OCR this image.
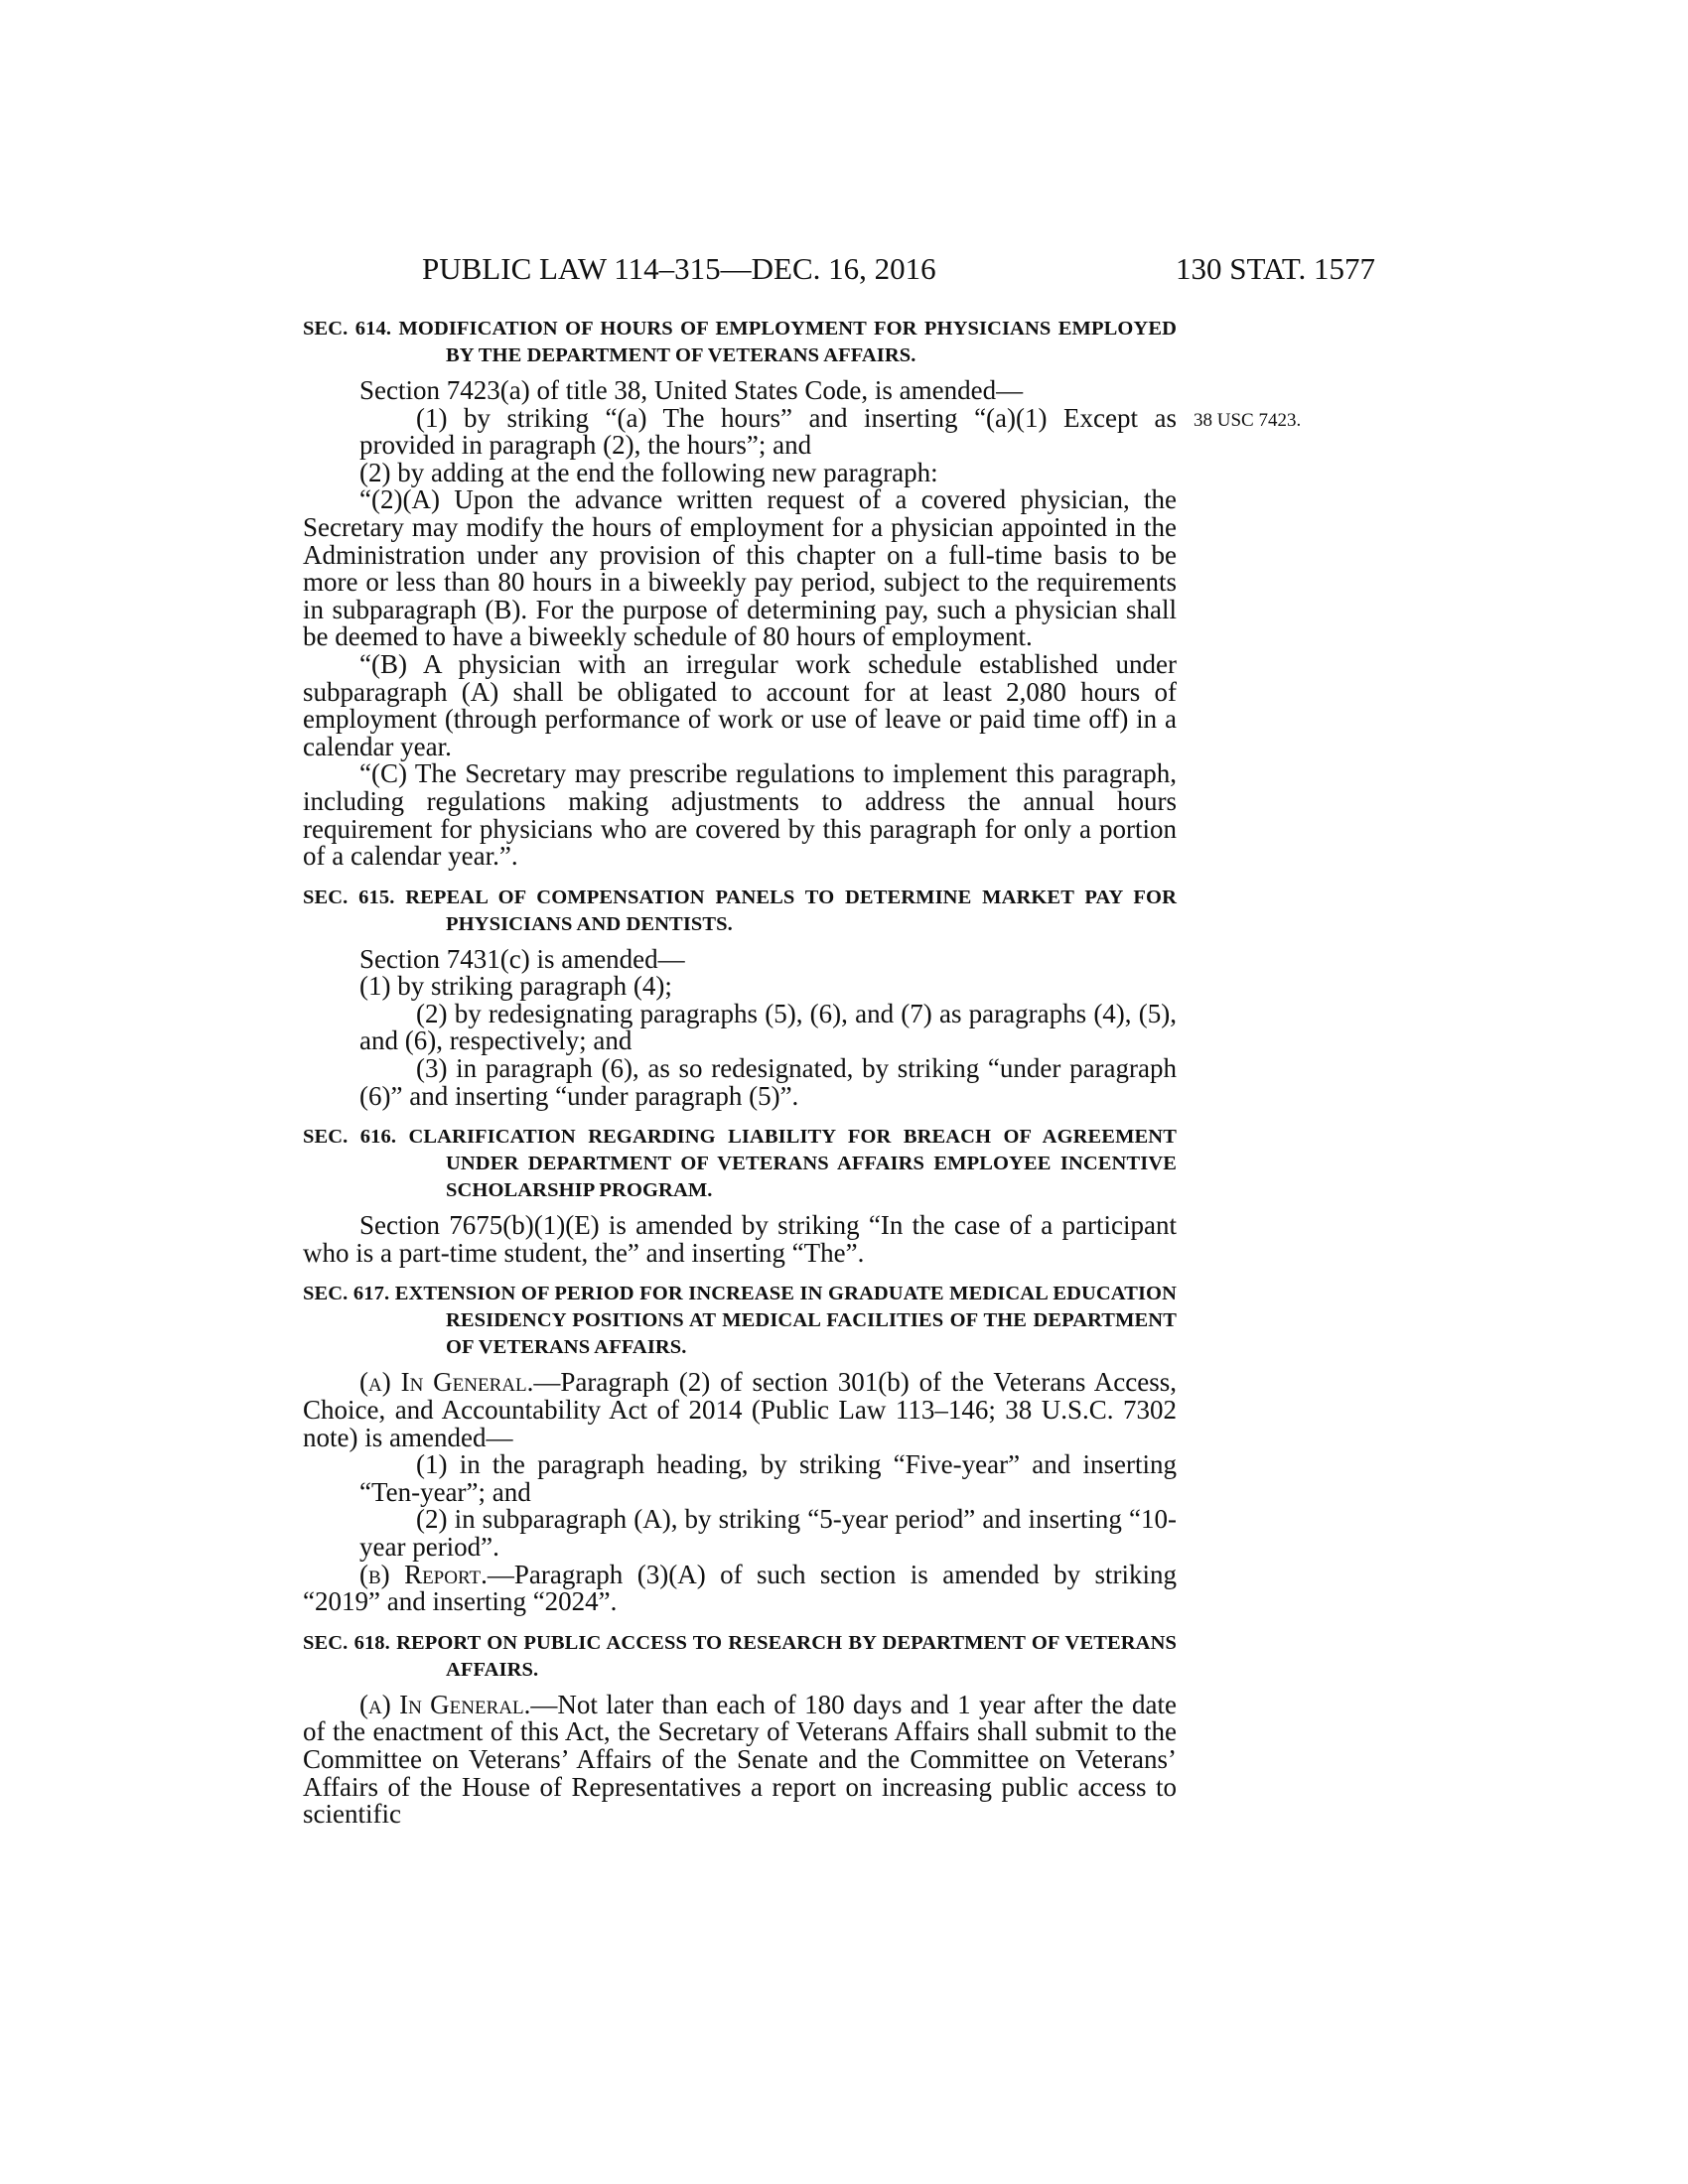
PUBLIC LAW 114–315—DEC. 16, 2016	130 STAT. 1577
38 USC 7423.

SEC. 614. MODIFICATION OF HOURS OF EMPLOYMENT FOR PHYSICIANS EMPLOYED BY THE DEPARTMENT OF VETERANS AFFAIRS.

Section 7423(a) of title 38, United States Code, is amended—

(1) by striking “(a) The hours” and inserting “(a)(1) Except as provided in paragraph (2), the hours”; and

(2) by adding at the end the following new paragraph:

“(2)(A) Upon the advance written request of a covered physician, the Secretary may modify the hours of employment for a physician appointed in the Administration under any provision of this chapter on a full-time basis to be more or less than 80 hours in a biweekly pay period, subject to the requirements in subparagraph (B). For the purpose of determining pay, such a physician shall be deemed to have a biweekly schedule of 80 hours of employment.

“(B) A physician with an irregular work schedule established under subparagraph (A) shall be obligated to account for at least 2,080 hours of employment (through performance of work or use of leave or paid time off) in a calendar year.

“(C) The Secretary may prescribe regulations to implement this paragraph, including regulations making adjustments to address the annual hours requirement for physicians who are covered by this paragraph for only a portion of a calendar year.”.

SEC. 615. REPEAL OF COMPENSATION PANELS TO DETERMINE MARKET PAY FOR PHYSICIANS AND DENTISTS.

Section 7431(c) is amended—

(1) by striking paragraph (4);

(2) by redesignating paragraphs (5), (6), and (7) as paragraphs (4), (5), and (6), respectively; and

(3) in paragraph (6), as so redesignated, by striking “under paragraph (6)” and inserting “under paragraph (5)”.

SEC. 616. CLARIFICATION REGARDING LIABILITY FOR BREACH OF AGREEMENT UNDER DEPARTMENT OF VETERANS AFFAIRS EMPLOYEE INCENTIVE SCHOLARSHIP PROGRAM.

Section 7675(b)(1)(E) is amended by striking “In the case of a participant who is a part-time student, the” and inserting “The”.

SEC. 617. EXTENSION OF PERIOD FOR INCREASE IN GRADUATE MEDICAL EDUCATION RESIDENCY POSITIONS AT MEDICAL FACILITIES OF THE DEPARTMENT OF VETERANS AFFAIRS.

(a) In General.—Paragraph (2) of section 301(b) of the Veterans Access, Choice, and Accountability Act of 2014 (Public Law 113–146; 38 U.S.C. 7302 note) is amended—

(1) in the paragraph heading, by striking “Five-year” and inserting “Ten-year”; and

(2) in subparagraph (A), by striking “5-year period” and inserting “10-year period”.

(b) Report.—Paragraph (3)(A) of such section is amended by striking “2019” and inserting “2024”.

SEC. 618. REPORT ON PUBLIC ACCESS TO RESEARCH BY DEPARTMENT OF VETERANS AFFAIRS.

(a) In General.—Not later than each of 180 days and 1 year after the date of the enactment of this Act, the Secretary of Veterans Affairs shall submit to the Committee on Veterans’ Affairs of the Senate and the Committee on Veterans’ Affairs of the House of Representatives a report on increasing public access to scientific
